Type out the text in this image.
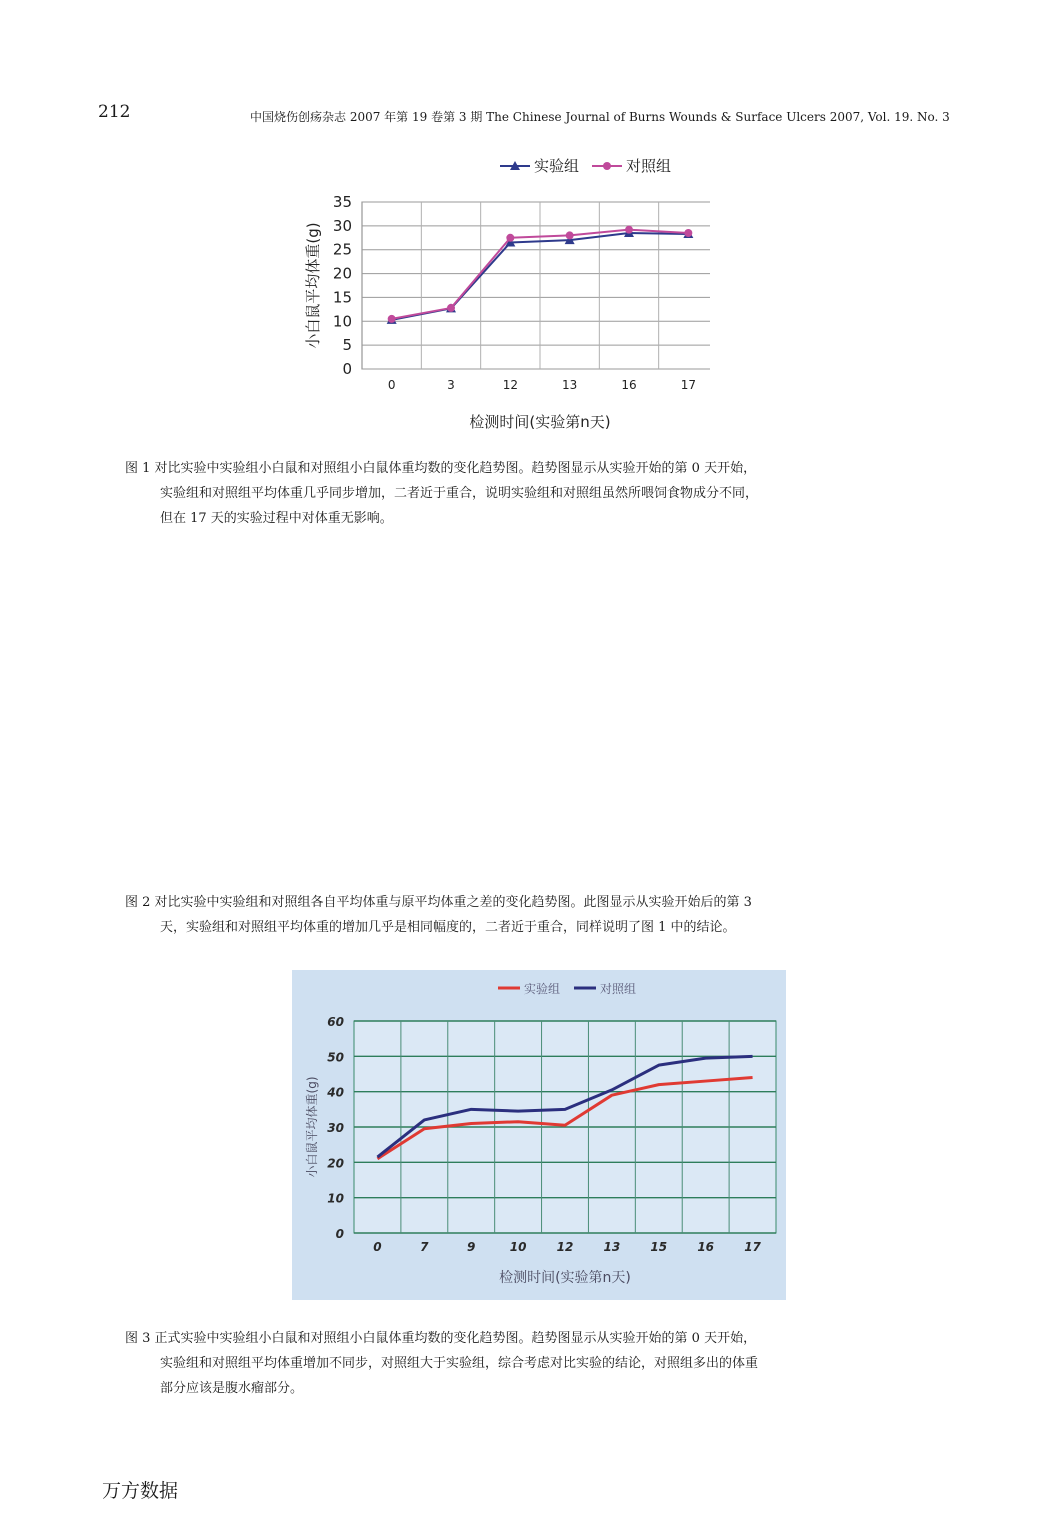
212	中国烧伤创疡杂志 2007 年第 19 卷第 3 期 The Chinese Journal of Burns Wounds & Surface Ulcers 2007, Vol. 19. No. 3
0
5
10
15
20
25
30
35
0	3	12	13	16	17
实验组	对照组
检测时间(实验第n天)
小白鼠平均体重(g)
图 1 对比实验中实验组小白鼠和对照组小白鼠体重均数的变化趋势图。趋势图显示从实验开始的第 0 天开始，
实验组和对照组平均体重几乎同步增加，二者近于重合，说明实验组和对照组虽然所喂饲食物成分不同，
但在 17 天的实验过程中对体重无影响。
图 2 对比实验中实验组和对照组各自平均体重与原平均体重之差的变化趋势图。此图显示从实验开始后的第 3
天，实验组和对照组平均体重的增加几乎是相同幅度的，二者近于重合，同样说明了图 1 中的结论。
0
10
20
30
40
50
60
0	7	9	10	12	13	15	16	17
实验组	对照组
检测时间(实验第n天)
小白鼠平均体重(g)
图 3 正式实验中实验组小白鼠和对照组小白鼠体重均数的变化趋势图。趋势图显示从实验开始的第 0 天开始，
实验组和对照组平均体重增加不同步，对照组大于实验组，综合考虑对比实验的结论，对照组多出的体重
部分应该是腹水瘤部分。
万方数据
